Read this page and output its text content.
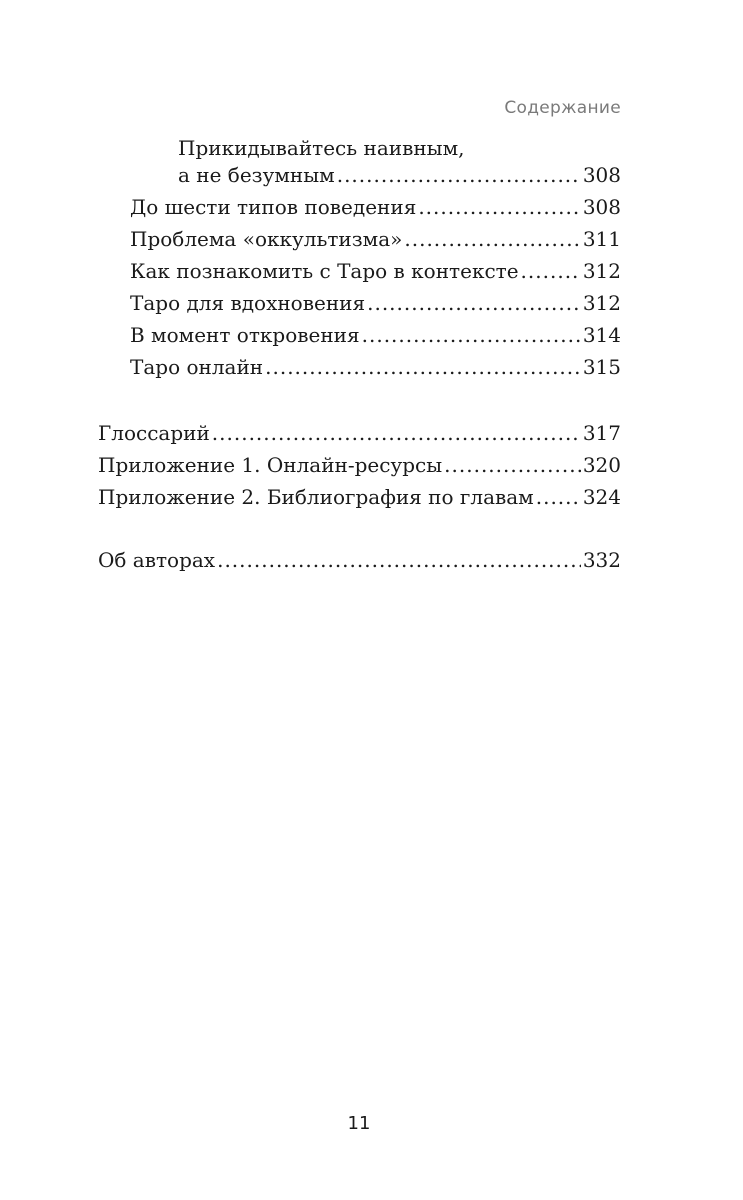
Содержание
Прикидывайтесь наивным,
а не безумным .....	308
До шести типов поведения .....	308
Проблема «оккультизма» .....	311
Как познакомить с Таро в контексте .....	312
Таро для вдохновения .....	312
В момент откровения .....	314
Таро онлайн .....	315
Глоссарий .....	317
Приложение 1. Онлайн-ресурсы .....	320
Приложение 2. Библиография по главам ..... 324
Об авторах .....	332
11
